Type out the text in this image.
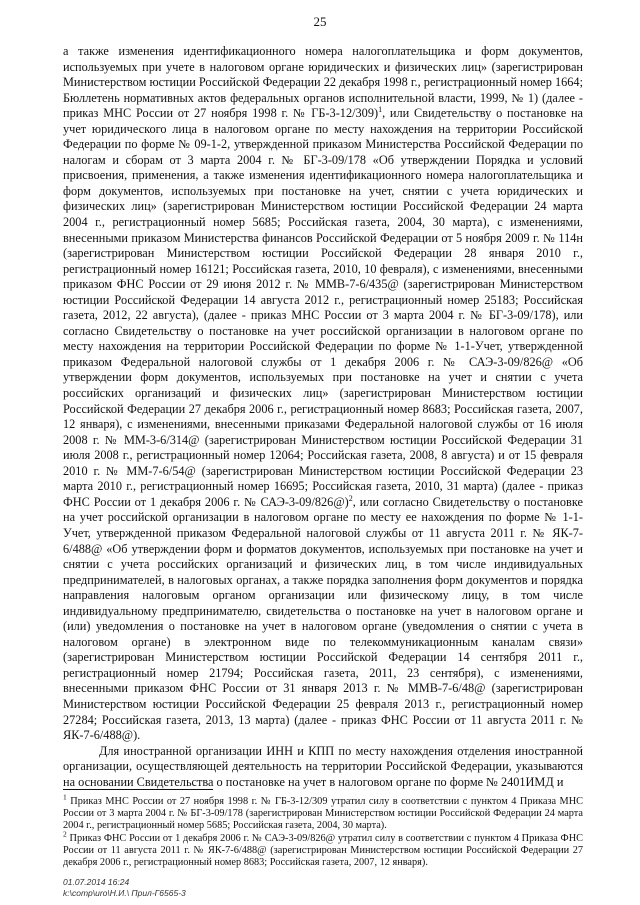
25

а также изменения идентификационного номера налогоплательщика и форм документов, используемых при учете в налоговом органе юридических и физических лиц» (зарегистрирован Министерством юстиции Российской Федерации 22 декабря 1998 г., регистрационный номер 1664; Бюллетень нормативных актов федеральных органов исполнительной власти, 1999, № 1) (далее - приказ МНС России от 27 ноября 1998 г. № ГБ-3-12/309)$^1$, или Свидетельству о постановке на учет юридического лица в налоговом органе по месту нахождения на территории Российской Федерации по форме № 09-1-2, утвержденной приказом Министерства Российской Федерации по налогам и сборам от 3 марта 2004 г. № БГ-3-09/178 «Об утверждении Порядка и условий присвоения, применения, а также изменения идентификационного номера налогоплательщика и форм документов, используемых при постановке на учет, снятии с учета юридических и физических лиц» (зарегистрирован Министерством юстиции Российской Федерации 24 марта 2004 г., регистрационный номер 5685; Российская газета, 2004, 30 марта), с изменениями, внесенными приказом Министерства финансов Российской Федерации от 5 ноября 2009 г. № 114н (зарегистрирован Министерством юстиции Российской Федерации 28 января 2010 г., регистрационный номер 16121; Российская газета, 2010, 10 февраля), с изменениями, внесенными приказом ФНС России от 29 июня 2012 г. № ММВ-7-6/435@ (зарегистрирован Министерством юстиции Российской Федерации 14 августа 2012 г., регистрационный номер 25183; Российская газета, 2012, 22 августа), (далее - приказ МНС России от 3 марта 2004 г. № БГ-3-09/178), или согласно Свидетельству о постановке на учет российской организации в налоговом органе по месту нахождения на территории Российской Федерации по форме № 1-1-Учет, утвержденной приказом Федеральной налоговой службы от 1 декабря 2006 г. № САЭ-3-09/826@ «Об утверждении форм документов, используемых при постановке на учет и снятии с учета российских организаций и физических лиц» (зарегистрирован Министерством юстиции Российской Федерации 27 декабря 2006 г., регистрационный номер 8683; Российская газета, 2007, 12 января), с изменениями, внесенными приказами Федеральной налоговой службы от 16 июля 2008 г. № ММ-3-6/314@ (зарегистрирован Министерством юстиции Российской Федерации 31 июля 2008 г., регистрационный номер 12064; Российская газета, 2008, 8 августа) и от 15 февраля 2010 г. № ММ-7-6/54@ (зарегистрирован Министерством юстиции Российской Федерации 23 марта 2010 г., регистрационный номер 16695; Российская газета, 2010, 31 марта) (далее - приказ ФНС России от 1 декабря 2006 г. № САЭ-3-09/826@)$^2$, или согласно Свидетельству о постановке на учет российской организации в налоговом органе по месту ее нахождения по форме № 1-1-Учет, утвержденной приказом Федеральной налоговой службы от 11 августа 2011 г. № ЯК-7-6/488@ «Об утверждении форм и форматов документов, используемых при постановке на учет и снятии с учета российских организаций и физических лиц, в том числе индивидуальных предпринимателей, в налоговых органах, а также порядка заполнения форм документов и порядка направления налоговым органом организации или физическому лицу, в том числе индивидуальному предпринимателю, свидетельства о постановке на учет в налоговом органе и (или) уведомления о постановке на учет в налоговом органе (уведомления о снятии с учета в налоговом органе) в электронном виде по телекоммуникационным каналам связи» (зарегистрирован Министерством юстиции Российской Федерации 14 сентября 2011 г., регистрационный номер 21794; Российская газета, 2011, 23 сентября), с изменениями, внесенными приказом ФНС России от 31 января 2013 г. № ММВ-7-6/48@ (зарегистрирован Министерством юстиции Российской Федерации 25 февраля 2013 г., регистрационный номер 27284; Российская газета, 2013, 13 марта) (далее - приказ ФНС России от 11 августа 2011 г. № ЯК-7-6/488@).

Для иностранной организации ИНН и КПП по месту нахождения отделения иностранной организации, осуществляющей деятельность на территории Российской Федерации, указываются на основании Свидетельства о постановке на учет в налоговом органе по форме № 2401ИМД и

$^1$ Приказ МНС России от 27 ноября 1998 г. № ГБ-3-12/309 утратил силу в соответствии с пунктом 4 Приказа МНС России от 3 марта 2004 г. № БГ-3-09/178 (зарегистрирован Министерством юстиции Российской Федерации 24 марта 2004 г., регистрационный номер 5685; Российская газета, 2004, 30 марта).

$^2$ Приказ ФНС России от 1 декабря 2006 г. № САЭ-3-09/826@ утратил силу в соответствии с пунктом 4 Приказа ФНС России от 11 августа 2011 г. № ЯК-7-6/488@ (зарегистрирован Министерством юстиции Российской Федерации 27 декабря 2006 г., регистрационный номер 8683; Российская газета, 2007, 12 января).

01.07.2014 16:24
k:\comp\uro\Н.И.\ Прил-Г6565-3
